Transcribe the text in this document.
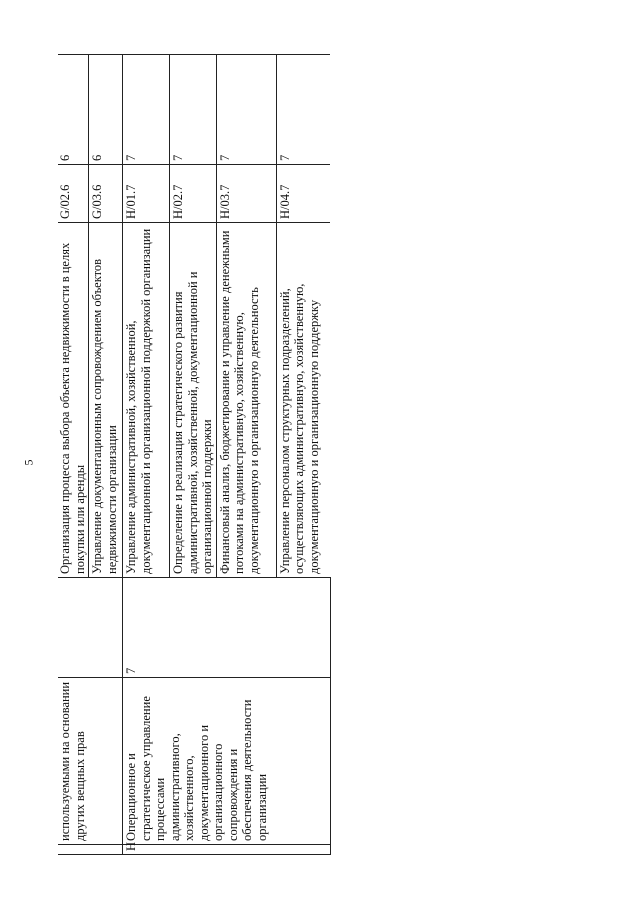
5
	используемыми на основании других вещных прав		Организация процесса выбора объекта недвижимости в целях покупки или аренды	G/02.6	6
			Управление документационным сопровождением объектов недвижимости организации	G/03.6	6
H	Операционное и стратегическое управление процессами административного, хозяйственного, документационного и организационного сопровождения и обеспечения деятельности организации	7	Управление административной, хозяйственной, документационной и организационной поддержкой организации	H/01.7	7
			Определение и реализация стратегического развития административной, хозяйственной, документационной и организационной поддержки	H/02.7	7
			Финансовый анализ, бюджетирование и управление денежными потоками на административную, хозяйственную, документационную и организационную деятельность	H/03.7	7
			Управление персоналом структурных подразделений, осуществляющих административную, хозяйственную, документационную и организационную поддержку	H/04.7	7
